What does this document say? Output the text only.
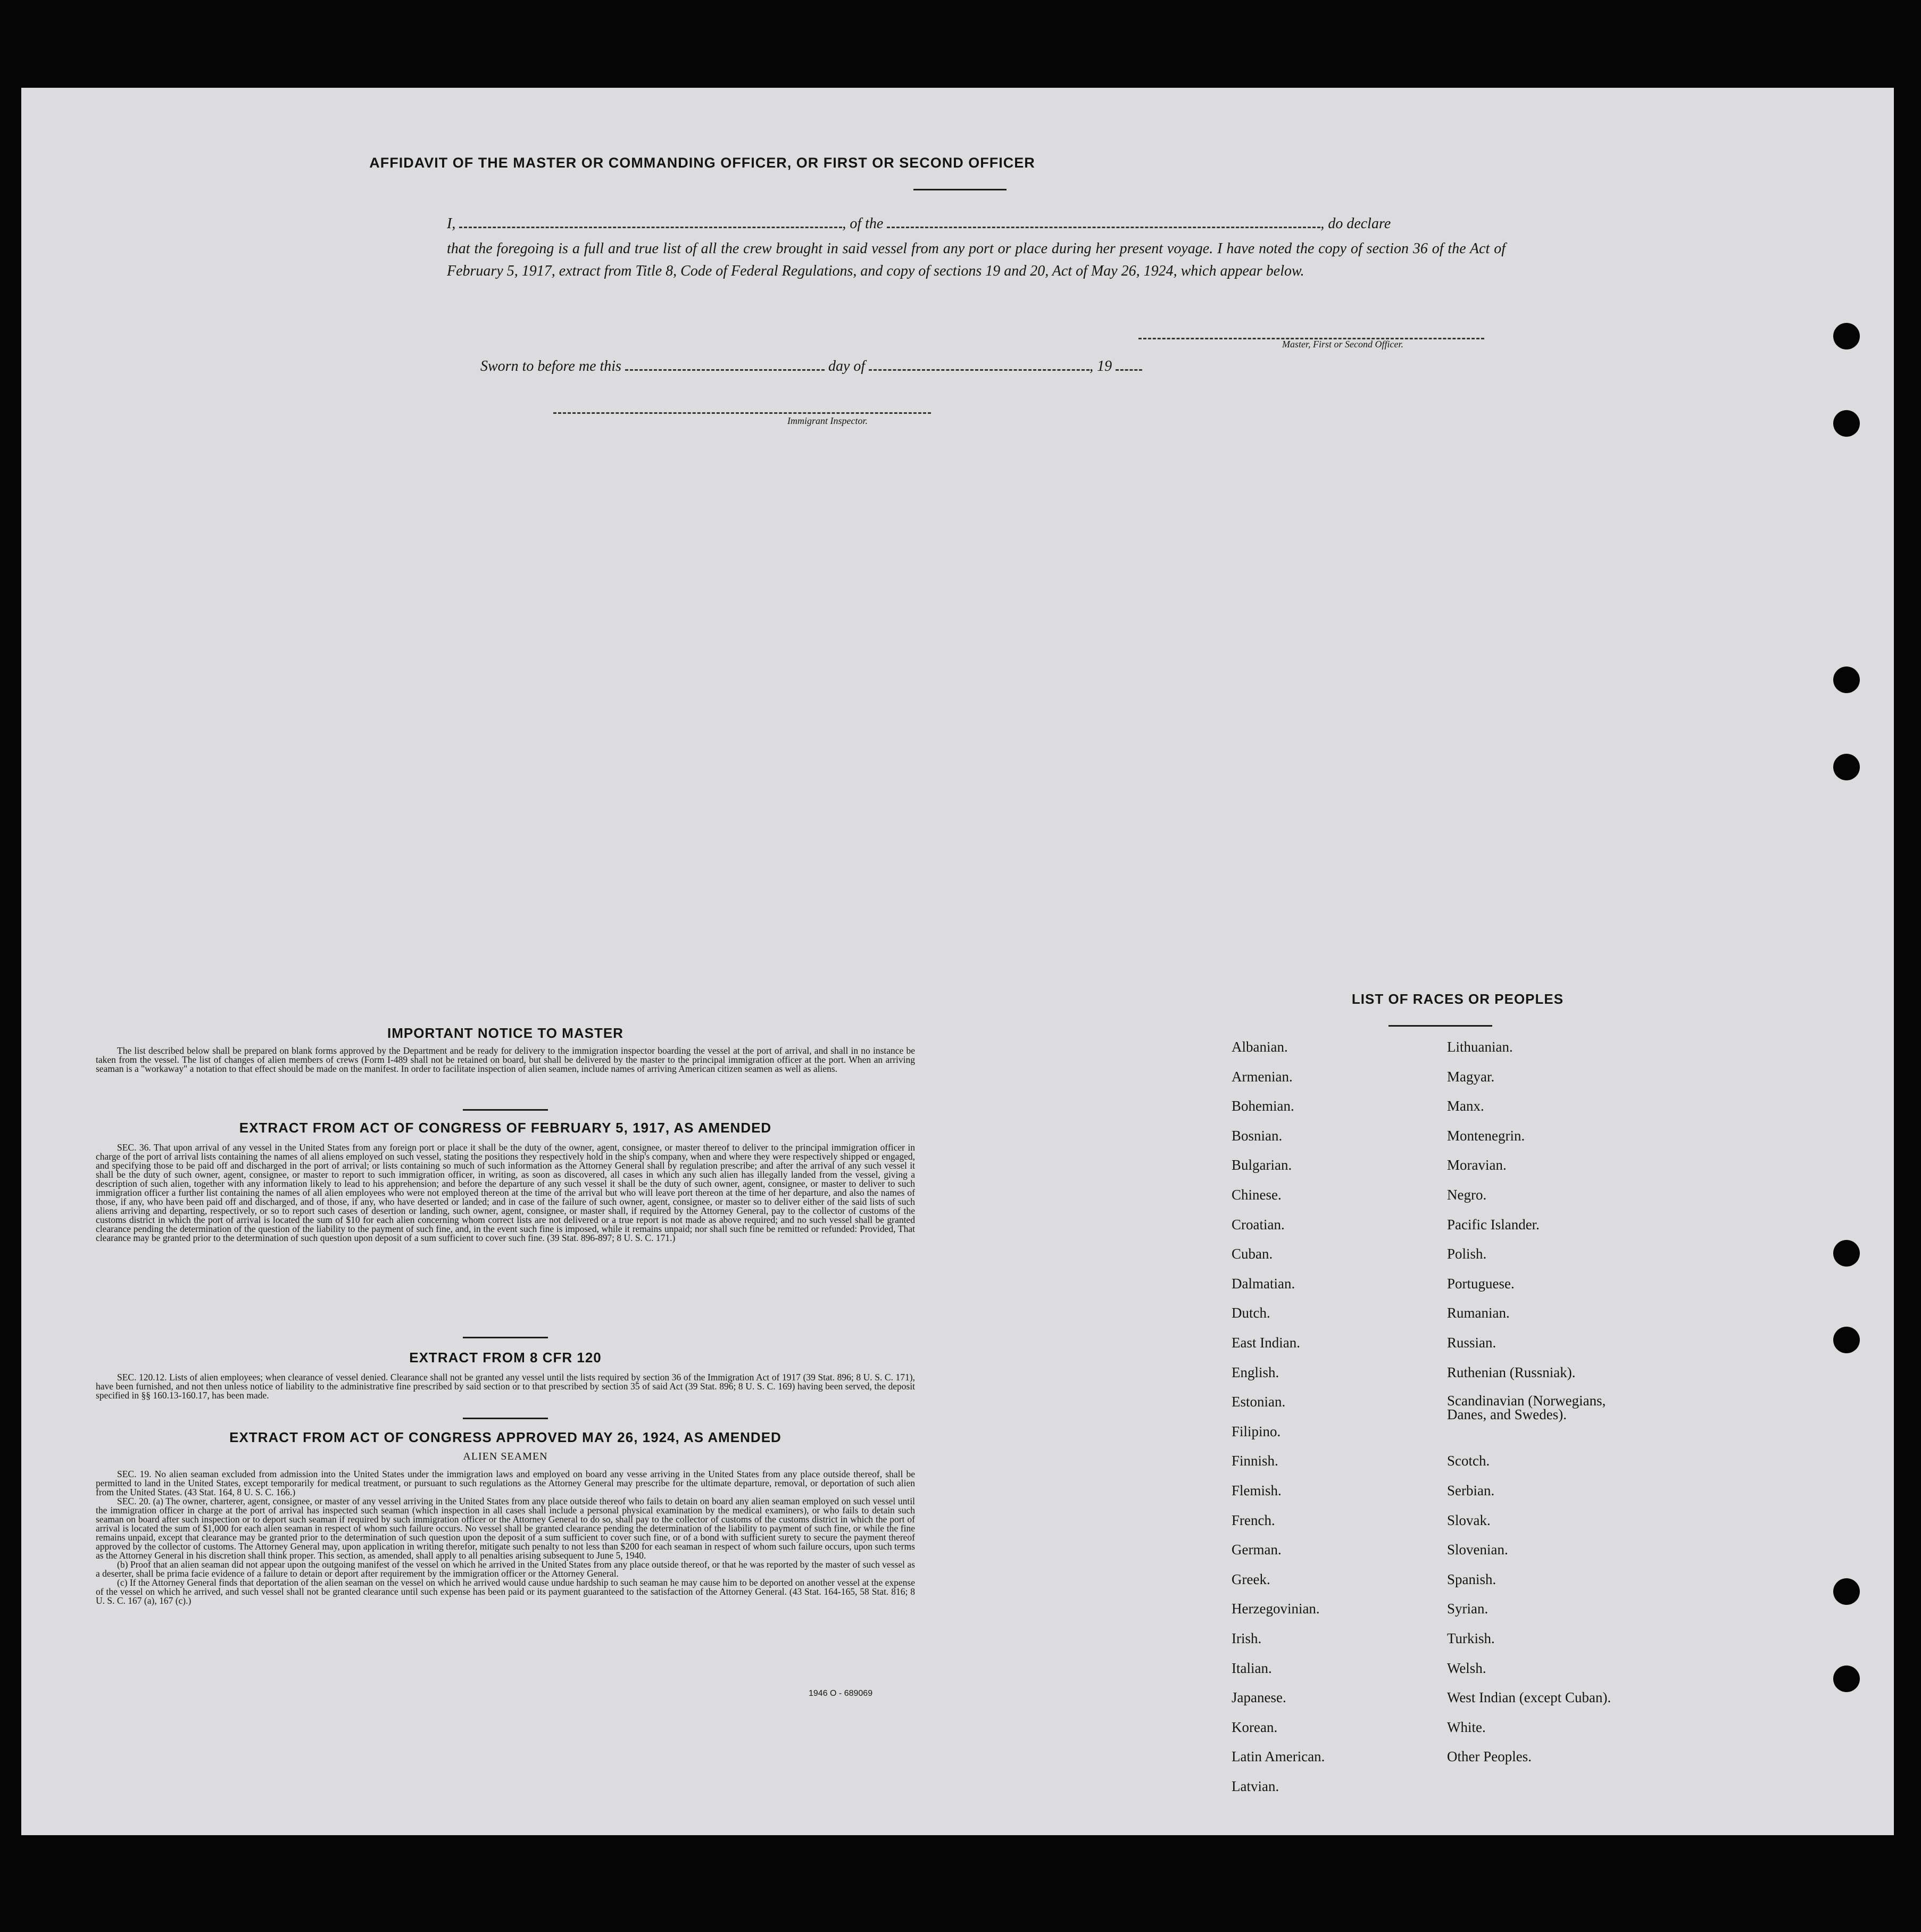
AFFIDAVIT OF THE MASTER OR COMMANDING OFFICER, OR FIRST OR SECOND OFFICER
I,	, of the	, do declare
that the foregoing is a full and true list of all the crew brought in said vessel from any port or place during her present voyage. I have noted the copy of section 36 of the Act of February 5, 1917, extract from Title 8, Code of Federal Regulations, and copy of sections 19 and 20, Act of May 26, 1924, which appear below.
Master, First or Second Officer.
Sworn to before me this	day of	, 19
Immigrant Inspector.
IMPORTANT NOTICE TO MASTER
The list described below shall be prepared on blank forms approved by the Department and be ready for delivery to the immigration inspector boarding the vessel at the port of arrival, and shall in no instance be taken from the vessel. The list of changes of alien members of crews (Form I-489 shall not be retained on board, but shall be delivered by the master to the principal immigration officer at the port. When an arriving seaman is a "workaway" a notation to that effect should be made on the manifest. In order to facilitate inspection of alien seamen, include names of arriving American citizen seamen as well as aliens.
EXTRACT FROM ACT OF CONGRESS OF FEBRUARY 5, 1917, AS AMENDED
SEC. 36. That upon arrival of any vessel in the United States from any foreign port or place it shall be the duty of the owner, agent, consignee, or master thereof to deliver to the principal immigration officer in charge of the port of arrival lists containing the names of all aliens employed on such vessel, stating the positions they respectively hold in the ship's company, when and where they were respectively shipped or engaged, and specifying those to be paid off and discharged in the port of arrival; or lists containing so much of such information as the Attorney General shall by regulation prescribe; and after the arrival of any such vessel it shall be the duty of such owner, agent, consignee, or master to report to such immigration officer, in writing, as soon as discovered, all cases in which any such alien has illegally landed from the vessel, giving a description of such alien, together with any information likely to lead to his apprehension; and before the departure of any such vessel it shall be the duty of such owner, agent, consignee, or master to deliver to such immigration officer a further list containing the names of all alien employees who were not employed thereon at the time of the arrival but who will leave port thereon at the time of her departure, and also the names of those, if any, who have been paid off and discharged, and of those, if any, who have deserted or landed; and in case of the failure of such owner, agent, consignee, or master so to deliver either of the said lists of such aliens arriving and departing, respectively, or so to report such cases of desertion or landing, such owner, agent, consignee, or master shall, if required by the Attorney General, pay to the collector of customs of the customs district in which the port of arrival is located the sum of $10 for each alien concerning whom correct lists are not delivered or a true report is not made as above required; and no such vessel shall be granted clearance pending the determination of the question of the liability to the payment of such fine, and, in the event such fine is imposed, while it remains unpaid; nor shall such fine be remitted or refunded: Provided, That clearance may be granted prior to the determination of such question upon deposit of a sum sufficient to cover such fine. (39 Stat. 896-897; 8 U. S. C. 171.)
EXTRACT FROM 8 CFR 120
SEC. 120.12. Lists of alien employees; when clearance of vessel denied. Clearance shall not be granted any vessel until the lists required by section 36 of the Immigration Act of 1917 (39 Stat. 896; 8 U. S. C. 171), have been furnished, and not then unless notice of liability to the administrative fine prescribed by said section or to that prescribed by section 35 of said Act (39 Stat. 896; 8 U. S. C. 169) having been served, the deposit specified in §§ 160.13-160.17, has been made.
EXTRACT FROM ACT OF CONGRESS APPROVED MAY 26, 1924, AS AMENDED
ALIEN SEAMEN

SEC. 19. No alien seaman excluded from admission into the United States under the immigration laws and employed on board any vesse arriving in the United States from any place outside thereof, shall be permitted to land in the United States, except temporarily for medical treatment, or pursuant to such regulations as the Attorney General may prescribe for the ultimate departure, removal, or deportation of such alien from the United States. (43 Stat. 164, 8 U. S. C. 166.)

SEC. 20. (a) The owner, charterer, agent, consignee, or master of any vessel arriving in the United States from any place outside thereof who fails to detain on board any alien seaman employed on such vessel until the immigration officer in charge at the port of arrival has inspected such seaman (which inspection in all cases shall include a personal physical examination by the medical examiners), or who fails to detain such seaman on board after such inspection or to deport such seaman if required by such immigration officer or the Attorney General to do so, shall pay to the collector of customs of the customs district in which the port of arrival is located the sum of $1,000 for each alien seaman in respect of whom such failure occurs. No vessel shall be granted clearance pending the determination of the liability to payment of such fine, or while the fine remains unpaid, except that clearance may be granted prior to the determination of such question upon the deposit of a sum sufficient to cover such fine, or of a bond with sufficient surety to secure the payment thereof approved by the collector of customs. The Attorney General may, upon application in writing therefor, mitigate such penalty to not less than $200 for each seaman in respect of whom such failure occurs, upon such terms as the Attorney General in his discretion shall think proper. This section, as amended, shall apply to all penalties arising subsequent to June 5, 1940.

(b) Proof that an alien seaman did not appear upon the outgoing manifest of the vessel on which he arrived in the United States from any place outside thereof, or that he was reported by the master of such vessel as a deserter, shall be prima facie evidence of a failure to detain or deport after requirement by the immigration officer or the Attorney General.

(c) If the Attorney General finds that deportation of the alien seaman on the vessel on which he arrived would cause undue hardship to such seaman he may cause him to be deported on another vessel at the expense of the vessel on which he arrived, and such vessel shall not be granted clearance until such expense has been paid or its payment guaranteed to the satisfaction of the Attorney General. (43 Stat. 164-165, 58 Stat. 816; 8 U. S. C. 167 (a), 167 (c).)

1946 O - 689069
LIST OF RACES OR PEOPLES
Albanian.
Armenian.
Bohemian.
Bosnian.
Bulgarian.
Chinese.
Croatian.
Cuban.
Dalmatian.
Dutch.
East Indian.
English.
Estonian.
Filipino.
Finnish.
Flemish.
French.
German.
Greek.
Herzegovinian.
Irish.
Italian.
Japanese.
Korean.
Latin American.
Latvian.
Lithuanian.
Magyar.
Manx.
Montenegrin.
Moravian.
Negro.
Pacific Islander.
Polish.
Portuguese.
Rumanian.
Russian.
Ruthenian (Russniak).
Scandinavian (Norwegians, Danes, and Swedes).
Scotch.
Serbian.
Slovak.
Slovenian.
Spanish.
Syrian.
Turkish.
Welsh.
West Indian (except Cuban).
White.
Other Peoples.
